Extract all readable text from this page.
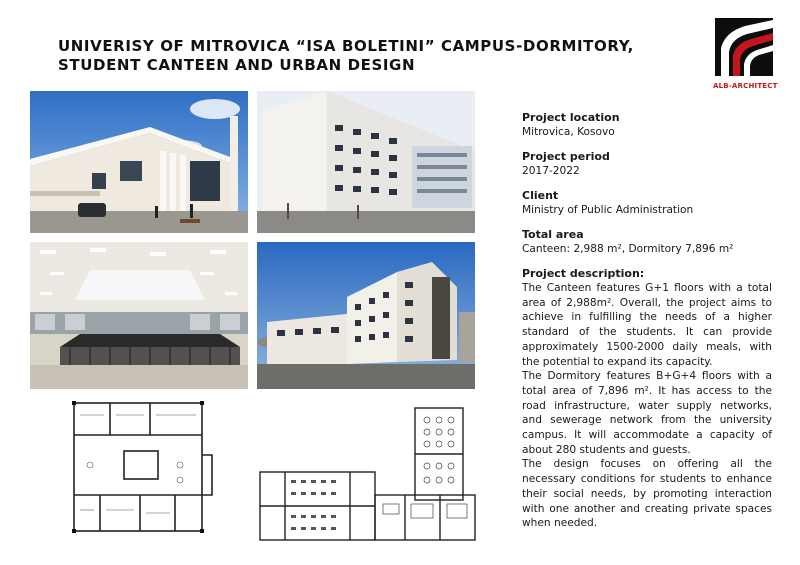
UNIVERISY OF MITROVICA “ISA BOLETINI” CAMPUS-DORMITORY,
STUDENT CANTEEN AND URBAN DESIGN
ALB-ARCHITECT
Project location
Mitrovica, Kosovo
Project period
2017-2022
Client
Ministry of Public Administration
Total area
Canteen: 2,988 m², Dormitory 7,896 m²
Project description:

The Canteen features G+1 floors with a total area of 2,988m². Overall, the project aims to achieve in fulfilling the needs of a higher standard of the students. It can provide approximately 1500-2000 daily meals, with the potential to expand its capacity.

The Dormitory features B+G+4 floors with a total area of 7,896 m². It has access to the road infrastructure, water supply networks, and sewerage network from the university campus. It will accommodate a capacity of about 280 students and guests.

The design focuses on offering all the necessary conditions for students to enhance their social needs, by promoting interaction with one another and creating private spaces when needed.
